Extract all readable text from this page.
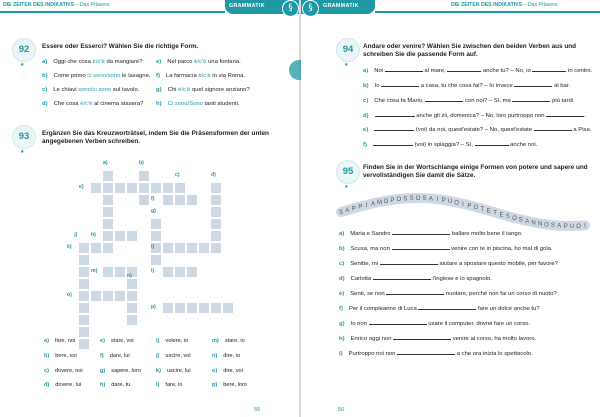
DIE ZEITEN DES INDIKATIVS – Das Präsens	GRAMMATIK	§
92
★
Essere oder Esserci? Wählen Sie die richtige Form.
a) Oggi che cosa è/c'è da mangiare?
b) Come primo ci sono/sono le lasagne.
c) Le chiavi sono/ci sono sul tavolo.
d) Che cosa è/c'è al cinema stasera?
e) Nel parco è/c'è una fontana.
f) La farmacia è/c'è in via Roma.
g) Chi è/c'è quel signore anziano?
h) Ci sono/Sono tanti studenti.
93
★
Ergänzen Sie das Kreuzworträtsel, indem Sie die Präsensformen der unten angegebenen Verben schreiben.
a)	b)
c)	d)
e)
f)
g)
h)
i)
j)
k)
l)
m)
n)
o)
p)
a) fare, noi
b) bere, voi
c) dovere, noi
d) dovere, lui
e) stare, voi
f) dare, lui
g) sapere, loro
h) dare, tu
i) volere, io
j) uscire, voi
k) uscire, lui
l) fare, io
m) stare, io
n) dire, io
o) dire, voi
p) bere, loro
55
GRAMMATIK
§	DIE ZEITEN DES INDIKATIVS – Das Präsens
94
★
Andare oder venire? Wählen Sie zwischen den beiden Verben aus und schreiben Sie die passende Form auf.
a) Noi	al mare,	anche tu? – No, io	in centro.
b) Io	a casa, tu che cosa fai? – Io invece	al bar.
c) Che cosa fa Mario,	con noi? – Sì, ma	più tardi.
d)	anche gli zii, domenica? – No, loro purtroppo non	.
e)	(voi) da noi, quest'estate? – No, quest'estate	a Pisa.
f)	(voi) in spiaggia? – Sì,	anche noi.
95
★
Finden Sie in der Wortschlange einige Formen von potere und sapere und vervollständigen Sie damit die Sätze.
S A P P I A M O P O S S O S A I P U O I P O T E T E S O S A N N O S A P U O I
a) Maria e Sandro	ballare molto bene il tango.
b) Scusa, ma non	venire con te in piscina, ho mal di gola.
c) Senitte, mi	aiutare a spostare questo mobile, per favore?
d) Carlotta	l'inglese e lo spagnolo.
e) Senti, se non	nuotare, perché non fai un corso di nuoto?
f) Per il compleanno di Luca	fare un dolce anche tu?
g) Io non	usare il computer, dovrei fare un corso.
h) Enrico oggi non	venire al corso, ha molto lavoro.
i) Purtroppo noi non	a che ora inizia lo spettacolo.
56
